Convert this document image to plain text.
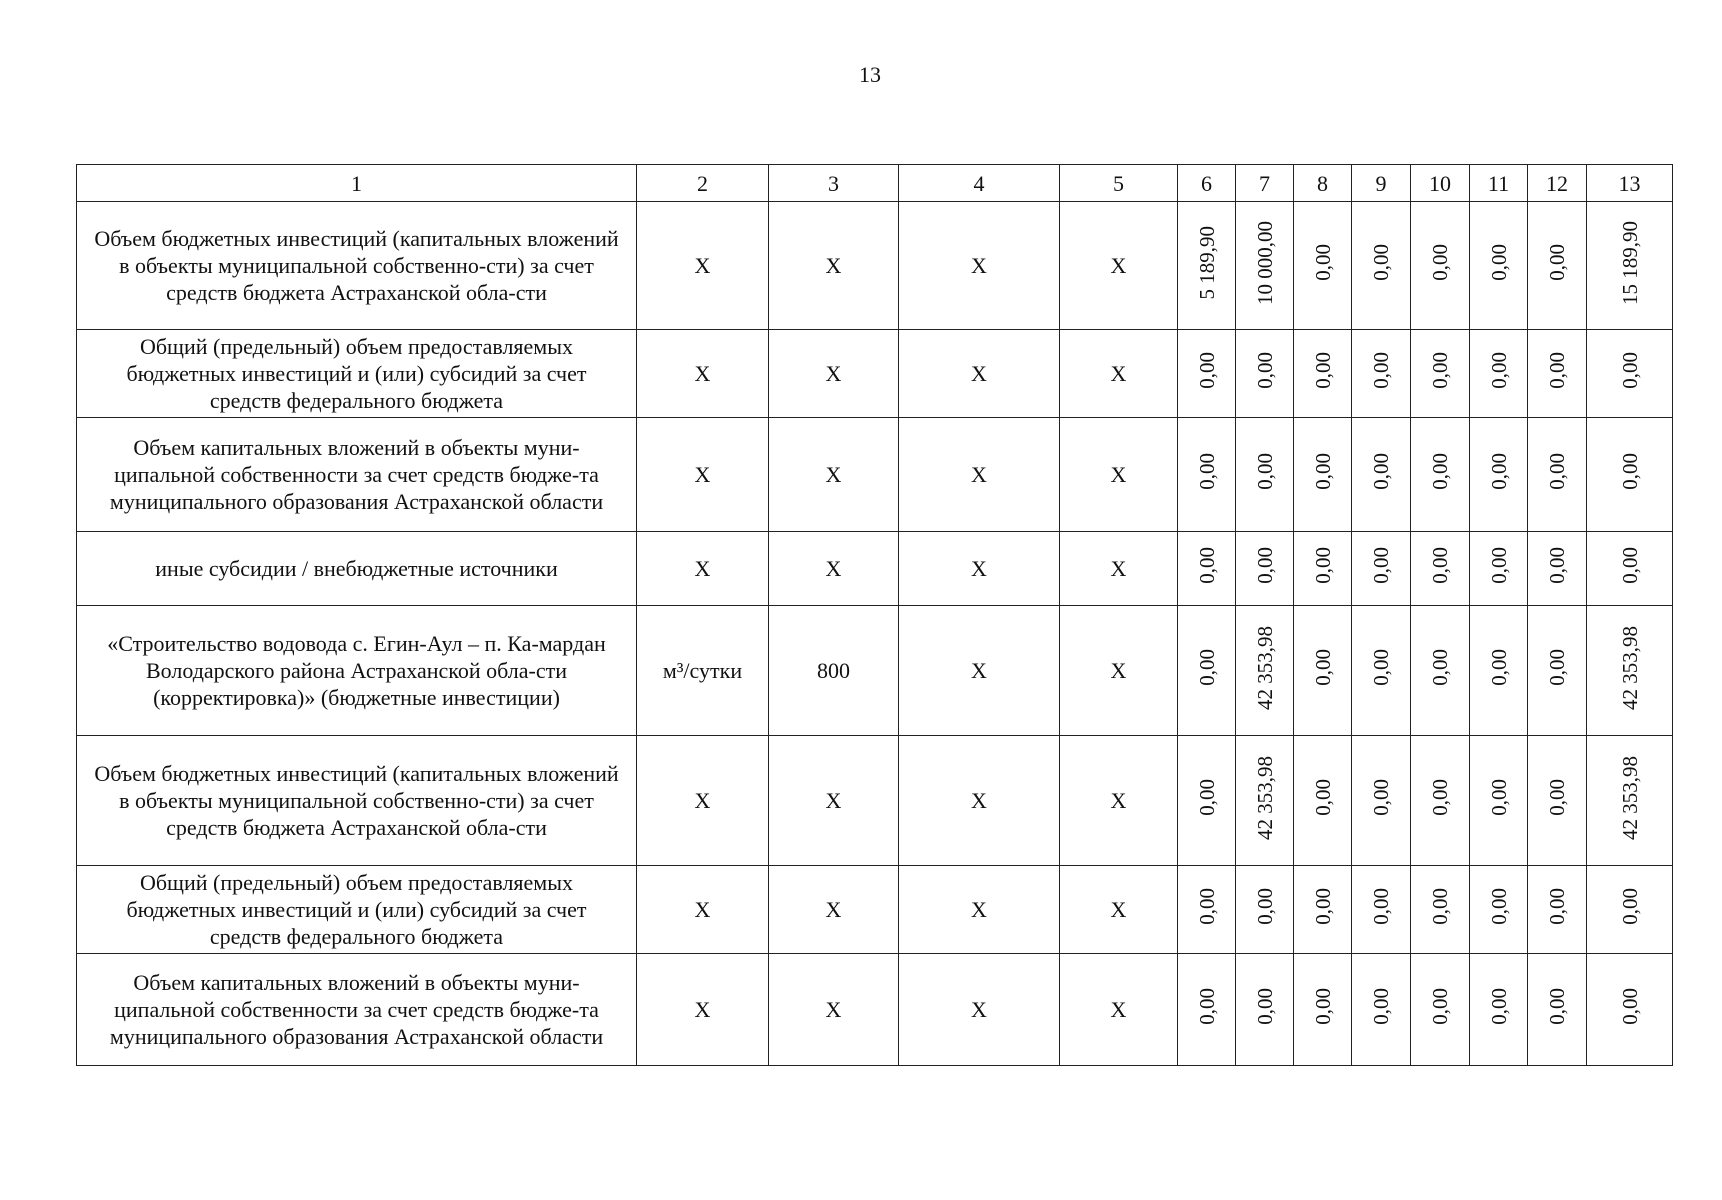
13
1	2	3	4	5	6	7	8	9	10	11	12	13
Объем бюджетных инвестиций (капитальных вложений в объекты муниципальной собственно-сти) за счет средств бюджета Астраханской обла-сти	X	X	X	X	5 189,90	10 000,00	0,00	0,00	0,00	0,00	0,00	15 189,90
Общий (предельный) объем предоставляемых бюджетных инвестиций и (или) субсидий за счет средств федерального бюджета	X	X	X	X	0,00	0,00	0,00	0,00	0,00	0,00	0,00	0,00
Объем капитальных вложений в объекты муни-ципальной собственности за счет средств бюдже-та муниципального образования Астраханской области	X	X	X	X	0,00	0,00	0,00	0,00	0,00	0,00	0,00	0,00
иные субсидии / внебюджетные источники	X	X	X	X	0,00	0,00	0,00	0,00	0,00	0,00	0,00	0,00
«Строительство водовода с. Егин-Аул – п. Ка-мардан Володарского района Астраханской обла-сти (корректировка)» (бюджетные инвестиции)	м³/сутки	800	X	X	0,00	42 353,98	0,00	0,00	0,00	0,00	0,00	42 353,98
Объем бюджетных инвестиций (капитальных вложений в объекты муниципальной собственно-сти) за счет средств бюджета Астраханской обла-сти	X	X	X	X	0,00	42 353,98	0,00	0,00	0,00	0,00	0,00	42 353,98
Общий (предельный) объем предоставляемых бюджетных инвестиций и (или) субсидий за счет средств федерального бюджета	X	X	X	X	0,00	0,00	0,00	0,00	0,00	0,00	0,00	0,00
Объем капитальных вложений в объекты муни-ципальной собственности за счет средств бюдже-та муниципального образования Астраханской области	X	X	X	X	0,00	0,00	0,00	0,00	0,00	0,00	0,00	0,00
